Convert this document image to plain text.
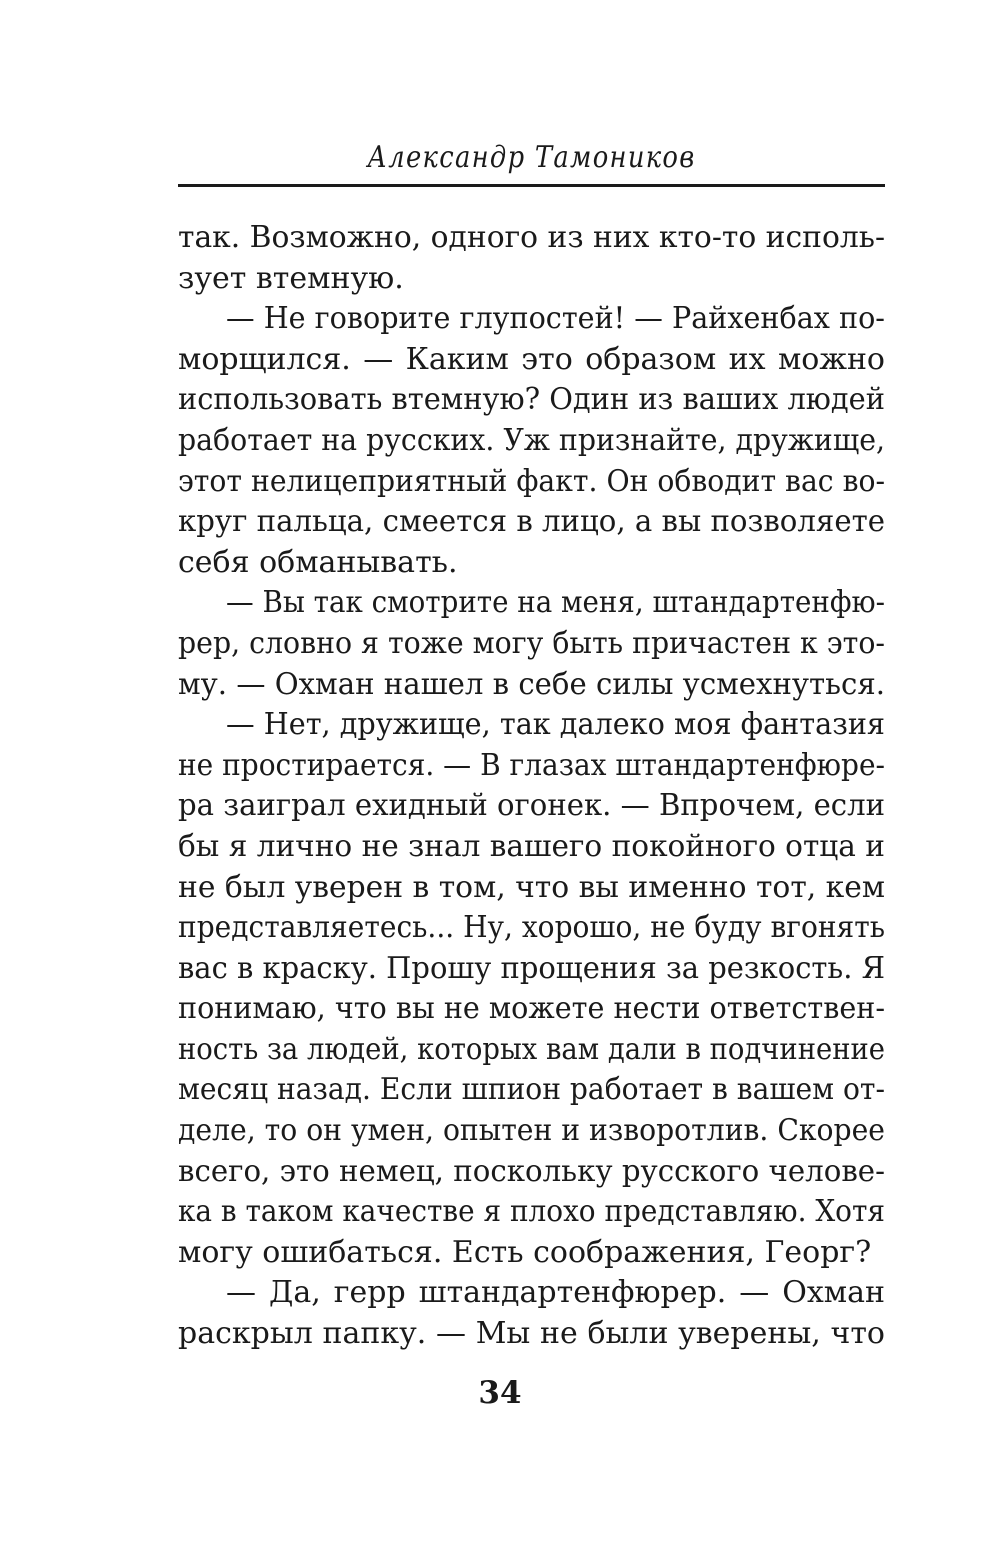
Александр Тамоников
так. Возможно, одного из них кто-то исполь-
зует втемную.
— Не говорите глупостей! — Райхенбах по-
морщился. — Каким это образом их можно
использовать втемную? Один из ваших людей
работает на русских. Уж признайте, дружище,
этот нелицеприятный факт. Он обводит вас во-
круг пальца, смеется в лицо, а вы позволяете
себя обманывать.
— Вы так смотрите на меня, штандартенфю-
рер, словно я тоже могу быть причастен к это-
му. — Охман нашел в себе силы усмехнуться.
— Нет, дружище, так далеко моя фантазия
не простирается. — В глазах штандартенфюре-
ра заиграл ехидный огонек. — Впрочем, если
бы я лично не знал вашего покойного отца и
не был уверен в том, что вы именно тот, кем
представляетесь... Ну, хорошо, не буду вгонять
вас в краску. Прошу прощения за резкость. Я
понимаю, что вы не можете нести ответствен-
ность за людей, которых вам дали в подчинение
месяц назад. Если шпион работает в вашем от-
деле, то он умен, опытен и изворотлив. Скорее
всего, это немец, поскольку русского челове-
ка в таком качестве я плохо представляю. Хотя
могу ошибаться. Есть соображения, Георг?
— Да, герр штандартенфюрер. — Охман
раскрыл папку. — Мы не были уверены, что
34
